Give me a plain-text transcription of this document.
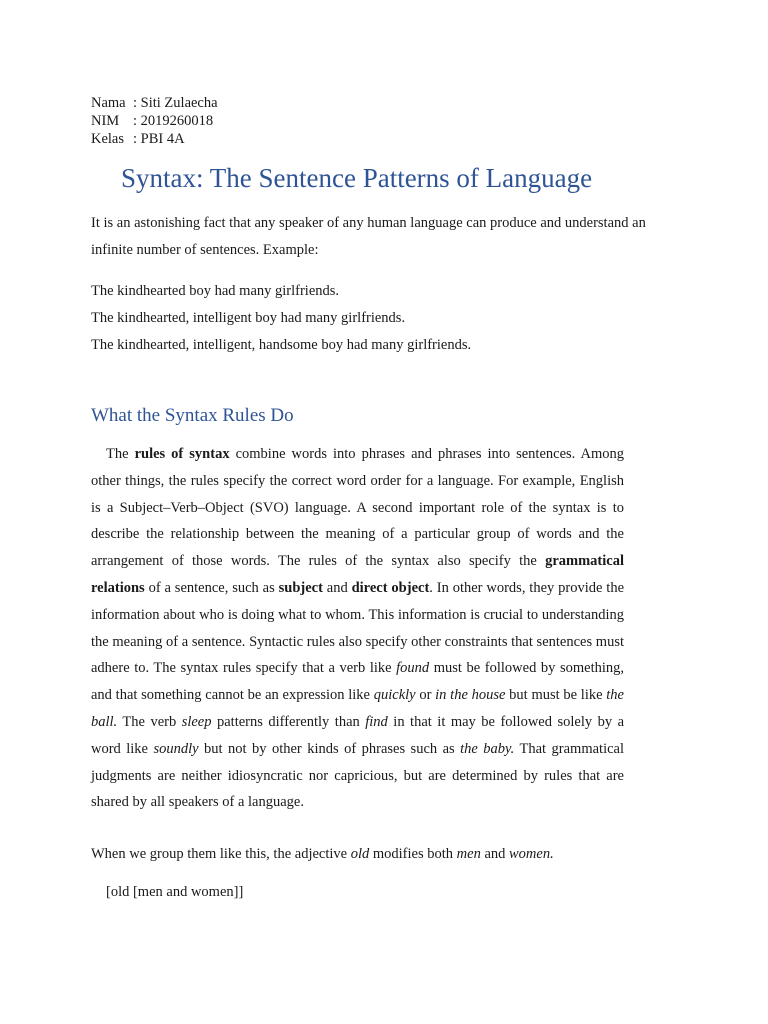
Nama : Siti Zulaecha
NIM : 2019260018
Kelas : PBI 4A
Syntax: The Sentence Patterns of Language

It is an astonishing fact that any speaker of any human language can produce and understand an infinite number of sentences. Example:

The kindhearted boy had many girlfriends.
The kindhearted, intelligent boy had many girlfriends.
The kindhearted, intelligent, handsome boy had many girlfriends.
What the Syntax Rules Do

The rules of syntax combine words into phrases and phrases into sentences. Among other things, the rules specify the correct word order for a language. For example, English is a Subject–Verb–Object (SVO) language. A second important role of the syntax is to describe the relationship between the meaning of a particular group of words and the arrangement of those words. The rules of the syntax also specify the grammatical relations of a sentence, such as subject and direct object. In other words, they provide the information about who is doing what to whom. This information is crucial to understanding the meaning of a sentence. Syntactic rules also specify other constraints that sentences must adhere to. The syntax rules specify that a verb like found must be followed by something, and that something cannot be an expression like quickly or in the house but must be like the ball. The verb sleep patterns differently than find in that it may be followed solely by a word like soundly but not by other kinds of phrases such as the baby. That grammatical judgments are neither idiosyncratic nor capricious, but are determined by rules that are shared by all speakers of a language.

When we group them like this, the adjective old modifies both men and women.
[old [men and women]]
